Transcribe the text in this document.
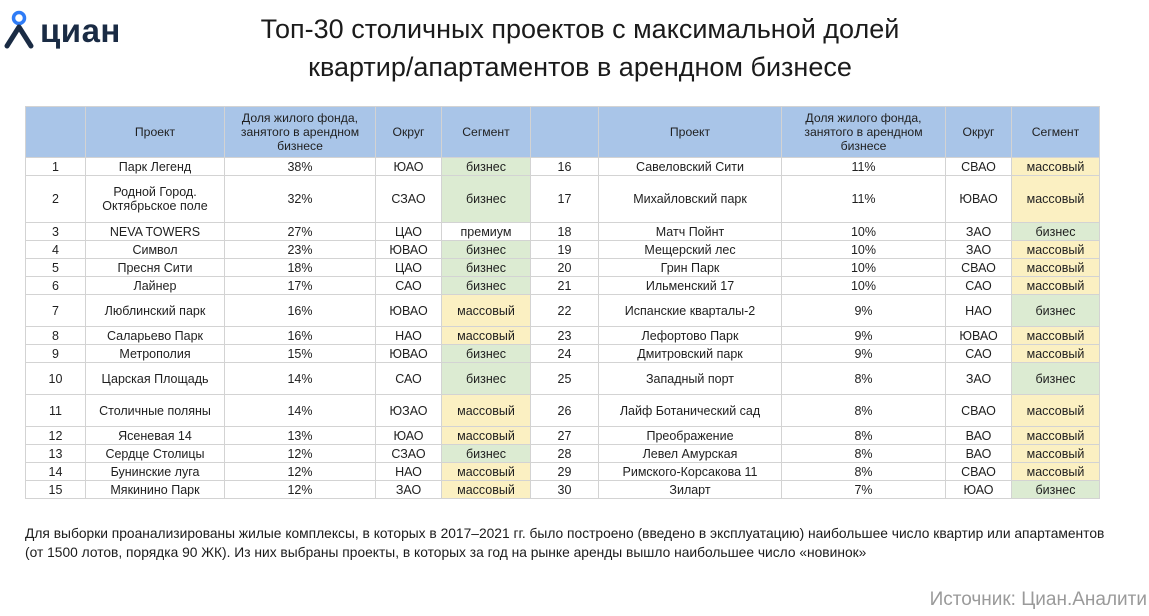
циан	Топ-30 столичных проектов с максимальной долей
квартир/апартаментов в арендном бизнесе
	Проект	Доля жилого фонда, занятого в арендном бизнесе	Округ	Сегмент		Проект	Доля жилого фонда, занятого в арендном бизнесе	Округ	Сегмент
1	Парк Легенд	38%	ЮАО	бизнес	16	Савеловский Сити	11%	СВАО	массовый
2	Родной Город. Октябрьское поле	32%	СЗАО	бизнес	17	Михайловский парк	11%	ЮВАО	массовый
3	NEVA TOWERS	27%	ЦАО	премиум	18	Матч Пойнт	10%	ЗАО	бизнес
4	Символ	23%	ЮВАО	бизнес	19	Мещерский лес	10%	ЗАО	массовый
5	Пресня Сити	18%	ЦАО	бизнес	20	Грин Парк	10%	СВАО	массовый
6	Лайнер	17%	САО	бизнес	21	Ильменский 17	10%	САО	массовый
7	Люблинский парк	16%	ЮВАО	массовый	22	Испанские кварталы-2	9%	НАО	бизнес
8	Саларьево Парк	16%	НАО	массовый	23	Лефортово Парк	9%	ЮВАО	массовый
9	Метрополия	15%	ЮВАО	бизнес	24	Дмитровский парк	9%	САО	массовый
10	Царская Площадь	14%	САО	бизнес	25	Западный порт	8%	ЗАО	бизнес
11	Столичные поляны	14%	ЮЗАО	массовый	26	Лайф Ботанический сад	8%	СВАО	массовый
12	Ясеневая 14	13%	ЮАО	массовый	27	Преображение	8%	ВАО	массовый
13	Сердце Столицы	12%	СЗАО	бизнес	28	Левел Амурская	8%	ВАО	массовый
14	Бунинские луга	12%	НАО	массовый	29	Римского-Корсакова 11	8%	СВАО	массовый
15	Мякинино Парк	12%	ЗАО	массовый	30	Зиларт	7%	ЮАО	бизнес
Для выборки проанализированы жилые комплексы, в которых в 2017–2021 гг. было построено (введено в эксплуатацию) наибольшее число квартир или апартаментов (от 1500 лотов, порядка 90 ЖК). Из них выбраны проекты, в которых за год на рынке аренды вышло наибольшее число «новинок»
Источник: Циан.Аналити
